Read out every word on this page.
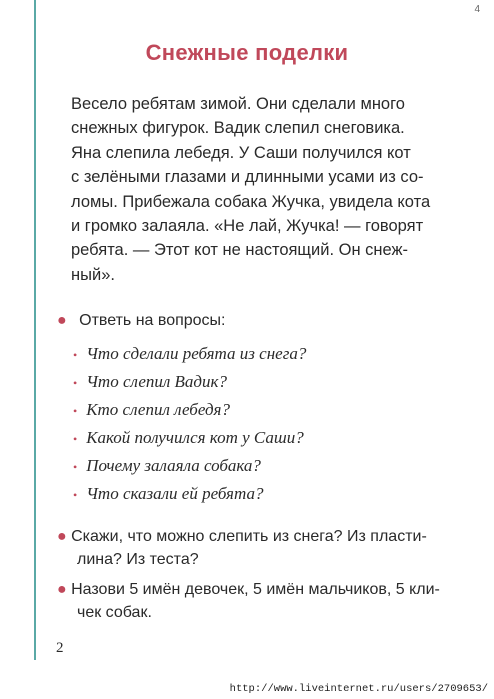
4
Снежные поделки
Весело ребятам зимой. Они сделали много
снежных фигурок. Вадик слепил снеговика.
Яна слепила лебедя. У Саши получился кот
с зелёными глазами и длинными усами из со-
ломы. Прибежала собака Жучка, увидела кота
и громко залаяла. «Не лай, Жучка! — говорят
ребята. — Этот кот не настоящий. Он снеж-
ный».
● Ответь на вопросы:
• Что сделали ребята из снега?
• Что слепил Вадик?
• Кто слепил лебедя?
• Какой получился кот у Саши?
• Почему залаяла собака?
• Что сказали ей ребята?
● Скажи, что можно слепить из снега? Из пласти-
лина? Из теста?
● Назови 5 имён девочек, 5 имён мальчиков, 5 кли-
чек собак.
2
http://www.liveinternet.ru/users/2709653/
